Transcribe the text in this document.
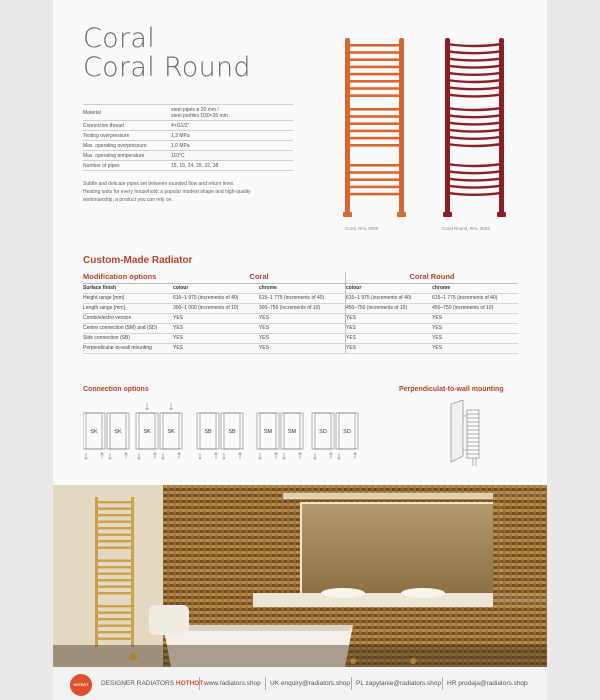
Coral
Coral Round
Material	steel pipes ø 20 mm /
steel profiles D30×35 mm

Connection thread	4×G1/2"
Testing overpressure	1,3 MPa
Max. operating overpressure	1,0 MPa
Max. operating temperature	110°C
Number of pipes	15, 19, 24, 29, 32, 38
Subtle and delicate pipes set between rounded flow and return lines.
Heating units for every household, a popular modest shape and high-quality
workmanship, a product you can rely on.
Coral, RAL 2008	Coral Round, RAL 3003
Custom-Made Radiator
Modification options	Coral		Coral Round	
Surface finish	colour	chrome	colour	chrome
Height range [mm]	615–1 975 (increments of 40)	615–1 775 (increments of 40)	615–1 975 (increments of 40)	615–1 775 (increments of 40)
Length range [mm]	300–1 000 (increments of 10)	300–750 (increments of 10)	450–750 (increments of 10)	450–750 (increments of 10)
Combi/electro version	YES	YES	YES	YES
Centre connection (SM) and (SD)	YES	YES	YES	YES
Side connection (SB)	YES	YES	YES	YES
Perpendicular-to-wall mounting	YES	YES	YES	YES
Connection options	Perpendiculat-to-wall mounting
SK	SK	SK	SK	SB	SB	SM	SM	SD	SD
HOTHOT	DESIGNER RADIATORS HOTHOT www.radiators.shop UK enquiry@radiators.shop PL zapytanie@radiators.shop HR prodaja@radiators.shop
